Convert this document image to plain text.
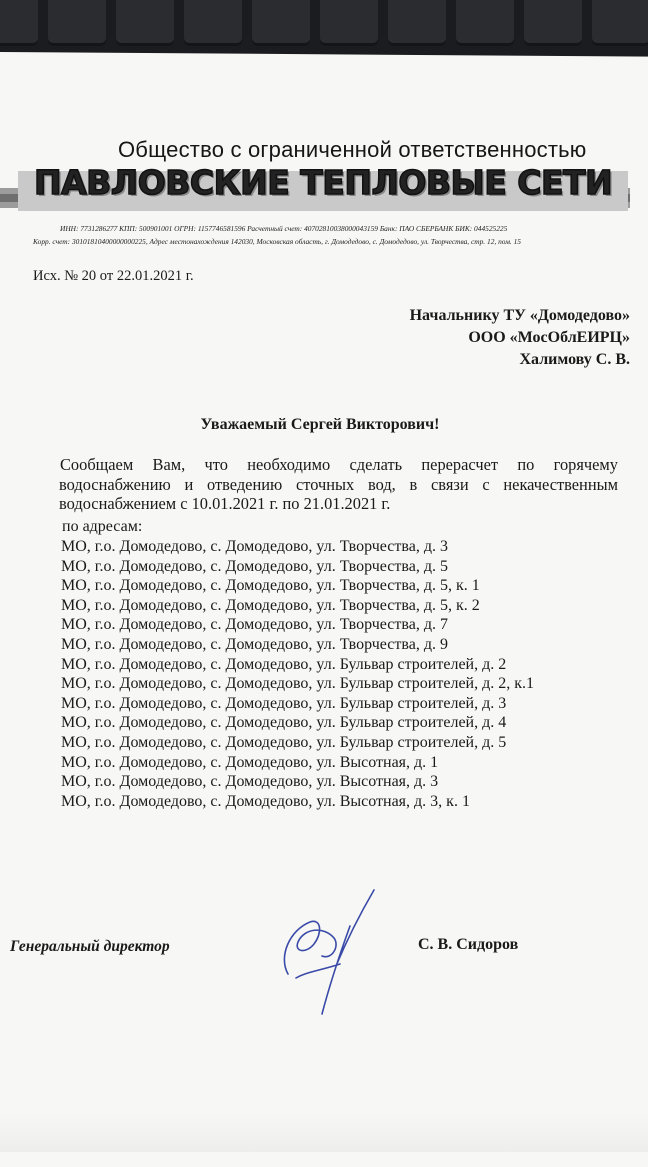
Общество с ограниченной ответственностью
ПАВЛОВСКИЕ ТЕПЛОВЫЕ СЕТИ
ИНН: 7731286277 КПП: 500901001 ОГРН: 1157746581596 Расчетный счет: 40702810038000043159 Банк: ПАО СБЕРБАНК БИК: 044525225
Корр. счет: 30101810400000000225, Адрес местонахождения 142030, Московская область, г. Домодедово, с. Домодедово, ул. Творчества, стр. 12, пом. 15
Исх. № 20 от 22.01.2021 г.
Начальнику ТУ «Домодедово»
ООО «МосОблЕИРЦ»
Халимову С. В.
Уважаемый Сергей Викторович!
Сообщаем Вам, что необходимо сделать перерасчет по горячему
водоснабжению и отведению сточных вод, в связи с некачественным
водоснабжением с 10.01.2021 г. по 21.01.2021 г.
по адресам:
МО, г.о. Домодедово, с. Домодедово, ул. Творчества, д. 3
МО, г.о. Домодедово, с. Домодедово, ул. Творчества, д. 5
МО, г.о. Домодедово, с. Домодедово, ул. Творчества, д. 5, к. 1
МО, г.о. Домодедово, с. Домодедово, ул. Творчества, д. 5, к. 2
МО, г.о. Домодедово, с. Домодедово, ул. Творчества, д. 7
МО, г.о. Домодедово, с. Домодедово, ул. Творчества, д. 9
МО, г.о. Домодедово, с. Домодедово, ул. Бульвар строителей, д. 2
МО, г.о. Домодедово, с. Домодедово, ул. Бульвар строителей, д. 2, к.1
МО, г.о. Домодедово, с. Домодедово, ул. Бульвар строителей, д. 3
МО, г.о. Домодедово, с. Домодедово, ул. Бульвар строителей, д. 4
МО, г.о. Домодедово, с. Домодедово, ул. Бульвар строителей, д. 5
МО, г.о. Домодедово, с. Домодедово, ул. Высотная, д. 1
МО, г.о. Домодедово, с. Домодедово, ул. Высотная, д. 3
МО, г.о. Домодедово, с. Домодедово, ул. Высотная, д. 3, к. 1
Генеральный директор	С. В. Сидоров
